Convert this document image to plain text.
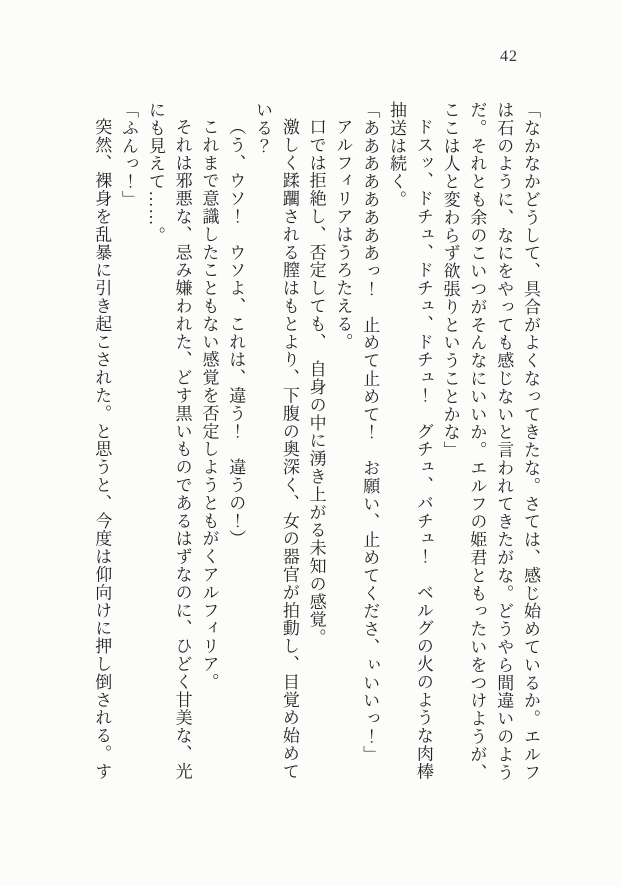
42

「なかなかどうして、具合がよくなってきたな。さては、感じ始めているか。エルフは石のように、なにをやっても感じないと言われてきたがな。どうやら間違いのようだ。それとも余のこいつがそんなにいいか。エルフの姫君ともったいをつけようが、ここは人と変わらず欲張りということかな」

ドスッ、ドチュ、ドチュ、ドチュ！　グチュ、バチュ！　ベルグの火のような肉棒抽送は続く。

「ああああああああっ！　止めて止めて！　お願い、止めてくださ、ぃいいっ！」

アルフィリアはうろたえる。

口では拒絶し、否定しても、　自身の中に湧き上がる未知の感覚。

激しく蹂躙される膣はもとより、下腹の奥深く、女の器官が拍動し、目覚め始めている？

（う、ウソ！　ウソよ、これは、違う！　違うの！）

これまで意識したこともない感覚を否定しようともがくアルフィリア。

それは邪悪な、忌み嫌われた、どす黒いものであるはずなのに、ひどく甘美な、光にも見えて……。

「ふんっ！」

突然、裸身を乱暴に引き起こされた。と思うと、今度は仰向けに押し倒される。す
